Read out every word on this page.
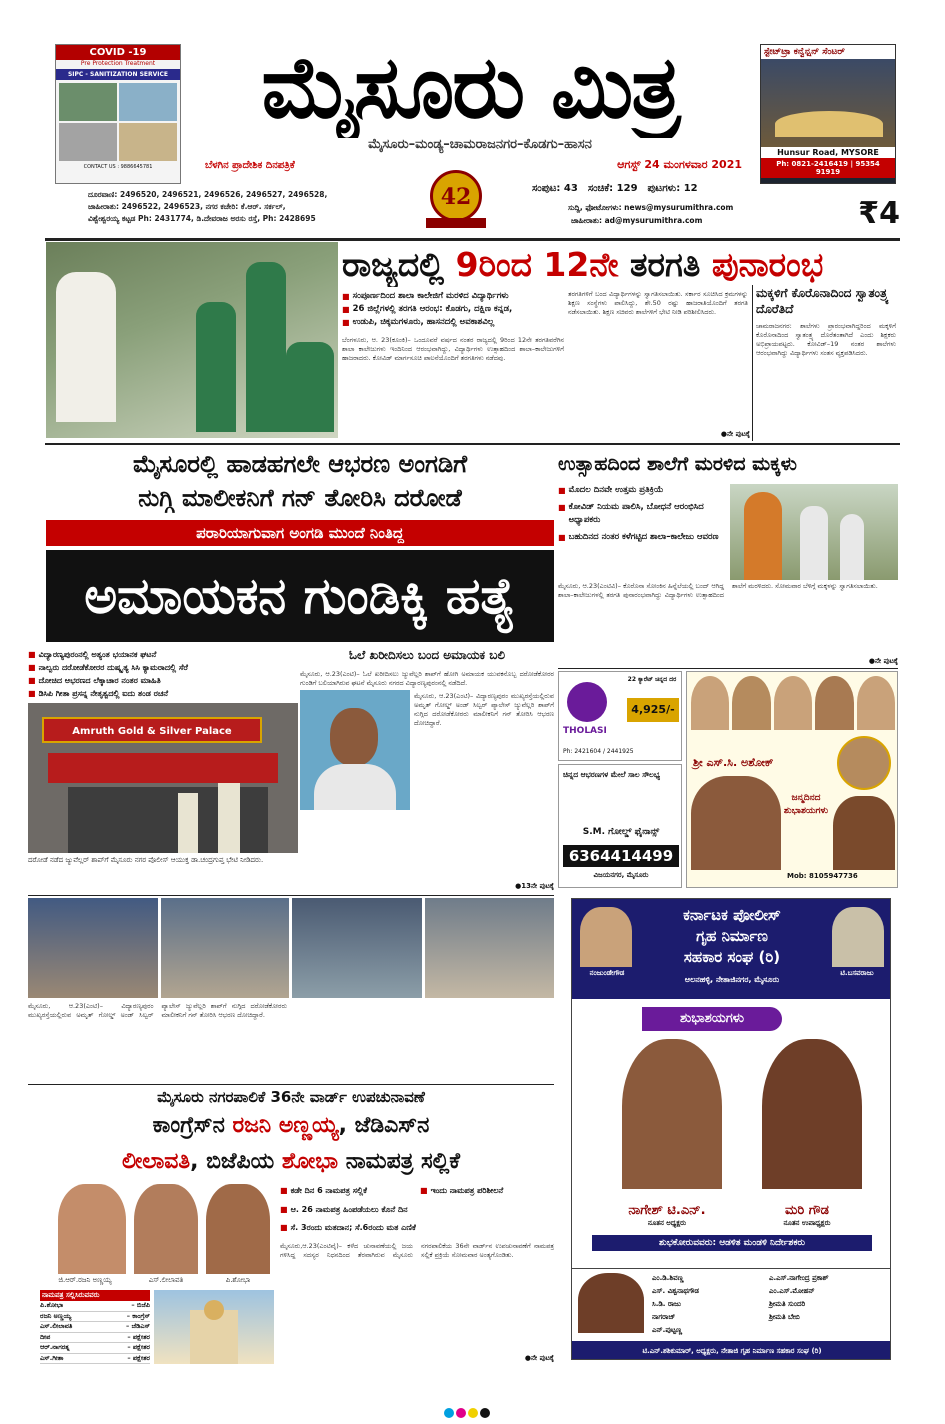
COVID -19
Pre Protection Treatment
SIPC - SANITIZATION SERVICE
CONTACT US : 9886645781
ಮೈಸೂರು ಮಿತ್ರ
ಮೈಸೂರು–ಮಂಡ್ಯ–ಚಾಮರಾಜನಗರ–ಕೊಡಗು–ಹಾಸನ
ಬೆಳಗಿನ ಪ್ರಾದೇಶಿಕ ದಿನಪತ್ರಿಕೆ	ಆಗಸ್ಟ್ 24 ಮಂಗಳವಾರ 2021
42
ದೂರವಾಣಿ: 2496520, 2496521, 2496526, 2496527, 2496528,
ಜಾಹೀರಾತು: 2496522, 2496523, ನಗರ ಕಚೇರಿ: ಕೆ.ಆರ್. ಸರ್ಕಲ್,
ವಿಶ್ವೇಶ್ವರಯ್ಯ ಕಟ್ಟಡ Ph: 2431774, ಡಿ.ದೇವರಾಜ ಅರಸು ರಸ್ತೆ, Ph: 2428695
ಸಂಪುಟ: 43 ಸಂಚಿಕೆ: 129 ಪುಟಗಳು: 12
ಸುದ್ದಿ, ಫೋಟೋಗಳು: news@mysurumithra.com
ಜಾಹೀರಾತು: ad@mysurumithra.com	₹4
ಸ್ಟೇಟ್‌ಟ್ರಾ ಕನ್ವೆನ್ಷನ್ ಸೆಂಟರ್
Hunsur Road, MYSORE
Ph: 0821-2416419 | 95354 91919
ರಾಜ್ಯದಲ್ಲಿ 9ರಿಂದ 12ನೇ ತರಗತಿ ಪುನಾರಂಭ
■ ಸಂಪೂರ್ಣದಿಂದ ಶಾಲಾ ಕಾಲೇಜಿಗೆ ಮರಳಿದ ವಿದ್ಯಾರ್ಥಿಗಳು
■ 26 ಜಿಲ್ಲೆಗಳಲ್ಲಿ ತರಗತಿ ಆರಂಭ: ಕೊಡಗು, ದಕ್ಷಿಣ ಕನ್ನಡ,
■ ಉಡುಪಿ, ಚಿಕ್ಕಮಗಳೂರು, ಹಾಸನದಲ್ಲಿ ಅವಕಾಶವಿಲ್ಲ
ಬೆಂಗಳೂರು, ಆ. 23(ಕೂಂಕಿ)– ಒಂದೂವರೆ ವರ್ಷದ ನಂತರ ರಾಜ್ಯದಲ್ಲಿ 9ರಿಂದ 12ನೇ ತರಗತಿವರೆಗಿನ ಶಾಲಾ ಕಾಲೇಜುಗಳು ಇಂದಿನಿಂದ ಆರಂಭವಾಗಿದ್ದು, ವಿದ್ಯಾರ್ಥಿಗಳು ಉತ್ಸಾಹದಿಂದ ಶಾಲಾ–ಕಾಲೇಜುಗಳಿಗೆ ಹಾಜರಾದರು. ಕೋವಿಡ್ ಮಾರ್ಗಸೂಚಿ ಪಾಲನೆಯೊಂದಿಗೆ ತರಗತಿಗಳು ನಡೆದವು.
ತರಗತಿಗಳಿಗೆ ಬಂದ ವಿದ್ಯಾರ್ಥಿಗಳನ್ನು ಸ್ವಾಗತಿಸಲಾಯಿತು. ಸರ್ಕಾರ ಸೂಚಿಸಿದ ಕ್ರಮಗಳನ್ನು ಶಿಕ್ಷಣ ಸಂಸ್ಥೆಗಳು ಪಾಲಿಸಿದ್ದು, ಶೇ.50 ರಷ್ಟು ಹಾಜರಾತಿಯೊಂದಿಗೆ ತರಗತಿ ನಡೆಸಲಾಯಿತು. ಶಿಕ್ಷಣ ಸಚಿವರು ಶಾಲೆಗಳಿಗೆ ಭೇಟಿ ನೀಡಿ ಪರಿಶೀಲಿಸಿದರು.
●ನೇ ಪುಟಕ್ಕೆ
ಮಕ್ಕಳಿಗೆ ಕೊರೊನಾದಿಂದ ಸ್ವಾತಂತ್ರ್ಯ ದೊರೆತಿದೆ
ಚಾಮರಾಜನಗರ: ಶಾಲೆಗಳು ಪ್ರಾರಂಭವಾಗಿದ್ದರಿಂದ ಮಕ್ಕಳಿಗೆ ಕೊರೊನಾದಿಂದ ಸ್ವಾತಂತ್ರ್ಯ ದೊರೆತಂತಾಗಿದೆ ಎಂದು ಶಿಕ್ಷಕರು ಅಭಿಪ್ರಾಯಪಟ್ಟರು. ಕೋವಿಡ್–19 ನಂತರ ಶಾಲೆಗಳು ಆರಂಭವಾಗಿದ್ದು ವಿದ್ಯಾರ್ಥಿಗಳು ಸಂತಸ ವ್ಯಕ್ತಪಡಿಸಿದರು.
ಮೈಸೂರಲ್ಲಿ ಹಾಡಹಗಲೇ ಆಭರಣ ಅಂಗಡಿಗೆ
ನುಗ್ಗಿ ಮಾಲೀಕನಿಗೆ ಗನ್ ತೋರಿಸಿ ದರೋಡೆ
ಪರಾರಿಯಾಗುವಾಗ ಅಂಗಡಿ ಮುಂದೆ ನಿಂತಿದ್ದ
ಅಮಾಯಕನ ಗುಂಡಿಕ್ಕಿ ಹತ್ಯೆ
■ ವಿದ್ಯಾರಣ್ಯಪುರಂನಲ್ಲಿ ಅತ್ಯಂತ ಭಯಾನಕ ಘಟನೆ
■ ನಾಲ್ವರು ದರೋಡೆಕೋರರ ದುಷ್ಕೃತ್ಯ ಸಿಸಿ ಕ್ಯಾಮರಾದಲ್ಲಿ ಸೆರೆ
■ ದೋಚಿದ ಆಭರಣದ ಲೆಕ್ಕಾಚಾರ ನಂತರ ಮಾಹಿತಿ
■ ಡಿಸಿಪಿ ಗೀತಾ ಪ್ರಸನ್ನ ನೇತೃತ್ವದಲ್ಲಿ ಐದು ತಂಡ ರಚನೆ
ಓಲೆ ಖರೀದಿಸಲು ಬಂದ ಅಮಾಯಕ ಬಲಿ
Amruth Gold & Silver Palace
ದರೋಡೆ ನಡೆದ ಜ್ಯುವೆಲ್ಲರ್ ಶಾಪ್‌ಗೆ ಮೈಸೂರು ನಗರ ಪೊಲೀಸ್ ಆಯುಕ್ತ ಡಾ.ಚಂದ್ರಗುಪ್ತ ಭೇಟಿ ನೀಡಿದರು.
ಮೈಸೂರು, ಆ.23(ಎಂಟಿ)– ಓಲೆ ಖರೀದಿಸಲು ಜ್ಯುವೆಲ್ಲರಿ ಶಾಪ್‌ಗೆ ಹೋಗಿ ಅಮಾಯಕ ಯುವಕನೊಬ್ಬ ದರೋಡೆಕೋರರ ಗುಂಡಿಗೆ ಬಲಿಯಾಗಿರುವ ಘಟನೆ ಮೈಸೂರು ನಗರದ ವಿದ್ಯಾರಣ್ಯಪುರಂನಲ್ಲಿ ನಡೆದಿದೆ.
ಮೈಸೂರು, ಆ.23(ಎಂಟಿ)– ವಿದ್ಯಾರಣ್ಯಪುರಂ ಮುಖ್ಯರಸ್ತೆಯಲ್ಲಿರುವ ಅಮೃತ್ ಗೋಲ್ಡ್ ಅಂಡ್ ಸಿಲ್ವರ್ ಪ್ಯಾಲೇಸ್ ಜ್ಯುವೆಲ್ಲರಿ ಶಾಪ್‌ಗೆ ನುಗ್ಗಿದ ದರೋಡೆಕೋರರು ಮಾಲೀಕನಿಗೆ ಗನ್ ತೋರಿಸಿ ಆಭರಣ ದೋಚಿದ್ದಾರೆ.
●13ನೇ ಪುಟಕ್ಕೆ
ಮೈಸೂರು, ಆ.23(ಎಂಟಿ)– ವಿದ್ಯಾರಣ್ಯಪುರಂ ಮುಖ್ಯರಸ್ತೆಯಲ್ಲಿರುವ ಅಮೃತ್ ಗೋಲ್ಡ್ ಅಂಡ್ ಸಿಲ್ವರ್ ಪ್ಯಾಲೇಸ್ ಜ್ಯುವೆಲ್ಲರಿ ಶಾಪ್‌ಗೆ ನುಗ್ಗಿದ ದರೋಡೆಕೋರರು ಮಾಲೀಕನಿಗೆ ಗನ್ ತೋರಿಸಿ ಆಭರಣ ದೋಚಿದ್ದಾರೆ.
ಉತ್ಸಾಹದಿಂದ ಶಾಲೆಗೆ ಮರಳಿದ ಮಕ್ಕಳು
■ ಮೊದಲ ದಿನವೇ ಉತ್ತಮ ಪ್ರತಿಕ್ರಿಯೆ
■ ಕೋವಿಡ್ ನಿಯಮ ಪಾಲಿಸಿ, ಬೋಧನೆ ಆರಂಭಿಸಿದ ಅಧ್ಯಾಪಕರು
■ ಬಹುದಿನದ ನಂತರ ಕಳೆಗಟ್ಟಿದ ಶಾಲಾ–ಕಾಲೇಜು ಆವರಣ
ಮೈಸೂರು, ಆ.23(ಎಂಟಿವಿ)– ಕೊರೊನಾ ಸೋಂಕಿನ ಹಿನ್ನೆಲೆಯಲ್ಲಿ ಬಂದ್ ಆಗಿದ್ದ ಶಾಲಾ–ಕಾಲೇಜುಗಳಲ್ಲಿ ತರಗತಿ ಪುನಾರಂಭವಾಗಿದ್ದು ವಿದ್ಯಾರ್ಥಿಗಳು ಉತ್ಸಾಹದಿಂದ ಶಾಲೆಗೆ ಮರಳಿದರು. ಸೋಮವಾರ ಬೆಳಿಗ್ಗೆ ಮಕ್ಕಳನ್ನು ಸ್ವಾಗತಿಸಲಾಯಿತು.
●ನೇ ಪುಟಕ್ಕೆ
THOLASI
22 ಕ್ಯಾರೆಟ್ ಚಿನ್ನದ ದರ
4,925/-
Ph: 2421604 / 2441925
ಚಿನ್ನದ ಆಭರಣಗಳ ಮೇಲೆ ಸಾಲ ಸೌಲಭ್ಯ
S.M. ಗೋಲ್ಡ್ ಫೈನಾನ್ಸ್
6364414499
ವಿಜಯನಗರ, ಮೈಸೂರು
ಶ್ರೀ ಎಸ್.ಸಿ. ಅಶೋಕ್
ಜನ್ಮದಿನದ ಶುಭಾಶಯಗಳು
Mob: 8105947736
ನಂಜುಂಡೇಗೌಡ	ಟಿ.ಬಸವರಾಜು
ಕರ್ನಾಟಕ ಪೋಲೀಸ್
ಗೃಹ ನಿರ್ಮಾಣ
ಸಹಕಾರ ಸಂಘ (ರಿ)
ಆಲನಹಳ್ಳಿ, ನೇತಾಜಿನಗರ, ಮೈಸೂರು
ಶುಭಾಶಯಗಳು
ನಾಗೇಶ್ ಟಿ.ಎನ್.
ನೂತನ ಅಧ್ಯಕ್ಷರು
ಮರಿ ಗೌಡ
ನೂತನ ಉಪಾಧ್ಯಕ್ಷರು
ಶುಭಕೋರುವವರು: ಆಡಳಿತ ಮಂಡಳಿ ನಿರ್ದೇಶಕರು
ಎಂ.ಡಿ.ಶಿವಣ್ಣ	ಎ.ಎಸ್.ನಾಗೇಂದ್ರ ಪ್ರಕಾಶ್
ಎಸ್. ವಿಶ್ವನಾಥಗೌಡ	ಎಂ.ಎಸ್.ಮೋಹನ್
ಸಿ.ಡಿ. ರಾಜು	ಶ್ರೀಮತಿ ಸುಂದರಿ
ನಾಗರಾಜ್	ಶ್ರೀಮತಿ ಬೇಬಿ
ಎನ್.ಪುಟ್ಟಣ್ಣ
ಟಿ.ಎನ್.ಶಶಿಕುಮಾರ್, ಅಧ್ಯಕ್ಷರು, ನೇತಾಜಿ ಗೃಹ ನಿರ್ಮಾಣ ಸಹಕಾರ ಸಂಘ (ರಿ)
ಮೈಸೂರು ನಗರಪಾಲಿಕೆ 36ನೇ ವಾರ್ಡ್ ಉಪಚುನಾವಣೆ
ಕಾಂಗ್ರೆಸ್‌ನ ರಜನಿ ಅಣ್ಣಯ್ಯ, ಜೆಡಿಎಸ್‌ನ
ಲೀಲಾವತಿ, ಬಿಜೆಪಿಯ ಶೋಭಾ ನಾಮಪತ್ರ ಸಲ್ಲಿಕೆ
ಜಿ.ಆರ್.ರಜನಿ ಅಣ್ಣಯ್ಯ	ಎಸ್.ಲೀಲಾವತಿ	ಪಿ.ಶೋಭಾ
ನಾಮಪತ್ರ ಸಲ್ಲಿಸಿರುವವರು
ಪಿ.ಶೋಭಾ	– ಬಿಜೆಪಿ
ರಜನಿ ಅಣ್ಣಯ್ಯ	– ಕಾಂಗ್ರೆಸ್
ಎಸ್.ಲೀಲಾವತಿ	– ಜೆಡಿಎಸ್
ದೀಪ	– ಪಕ್ಷೇತರ
ಆರ್.ನಾಗರತ್ನ	– ಪಕ್ಷೇತರ
ಎಸ್.ಗೀತಾ	– ಪಕ್ಷೇತರ
■ ಕಡೇ ದಿನ 6 ನಾಮಪತ್ರ ಸಲ್ಲಿಕೆ
■	ಇಂದು ನಾಮಪತ್ರ ಪರಿಶೀಲನೆ
■ ಆ. 26 ನಾಮಪತ್ರ ಹಿಂಪಡೆಯಲು ಕೊನೆ ದಿನ
■ ಸೆ. 3ರಂದು ಮತದಾನ; ಸೆ.6ರಂದು ಮತ ಎಣಿಕೆ
ಮೈಸೂರು,ಆ.23(ಎಂಟಿವೈ)– ಕಳೆದ ಚುನಾವಣೆಯಲ್ಲಿ ಜಯ ಗಳಿಸಿದ್ದ ಸದಸ್ಯರ ನಿಧನದಿಂದ ತೆರವಾಗಿರುವ ಮೈಸೂರು ನಗರಪಾಲಿಕೆಯ 36ನೇ ವಾರ್ಡ್‌ನ ಉಪಚುನಾವಣೆಗೆ ನಾಮಪತ್ರ ಸಲ್ಲಿಕೆ ಪ್ರಕ್ರಿಯೆ ಸೋಮವಾರ ಅಂತ್ಯಗೊಂಡಿತು.
●ನೇ ಪುಟಕ್ಕೆ
